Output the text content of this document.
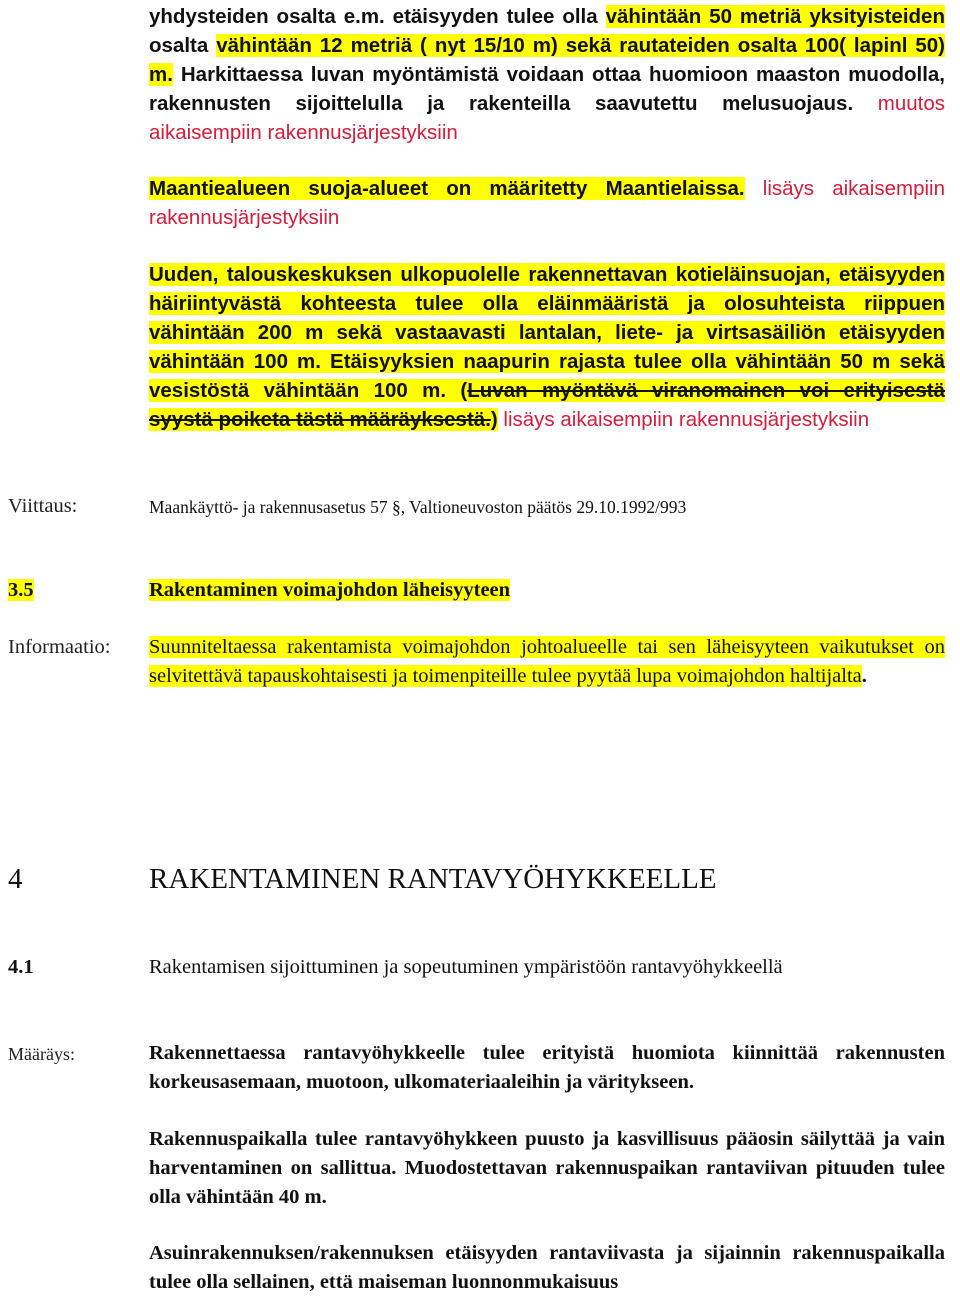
yhdysteiden osalta e.m. etäisyyden tulee olla vähintään 50 metriä yksityisteiden osalta vähintään 12 metriä ( nyt 15/10 m) sekä rautateiden osalta 100( lapinl 50) m. Harkittaessa luvan myöntämistä voidaan ottaa huomioon maaston muodolla, rakennusten sijoittelulla ja rakenteilla saavutettu melusuojaus. muutos aikaisempiin rakennusjärjestyksiin
Maantiealueen suoja-alueet on määritetty Maantielaissa. lisäys aikaisempiin rakennusjärjestyksiin
Uuden, talouskeskuksen ulkopuolelle rakennettavan kotieläinsuojan, etäisyyden häiriintyvästä kohteesta tulee olla eläinmääristä ja olosuhteista riippuen vähintään 200 m sekä vastaavasti lantalan, liete- ja virtsasäiliön etäisyyden vähintään 100 m. Etäisyyksien naapurin rajasta tulee olla vähintään 50 m sekä vesistöstä vähintään 100 m. (Luvan myöntävä viranomainen voi erityisestä syystä poiketa tästä määräyksestä.) lisäys aikaisempiin rakennusjärjestyksiin
Viittaus:	Maankäyttö- ja rakennusasetus 57 §, Valtioneuvoston päätös 29.10.1992/993
3.5	Rakentaminen voimajohdon läheisyyteen
Informaatio: Suunniteltaessa rakentamista voimajohdon johtoalueelle tai sen läheisyyteen vaikutukset on selvitettävä tapauskohtaisesti ja toimenpiteille tulee pyytää lupa voimajohdon haltijalta.
4	RAKENTAMINEN RANTAVYÖHYKKEELLE
4.1	Rakentamisen sijoittuminen ja sopeutuminen ympäristöön rantavyöhykkeellä
Määräys:	Rakennettaessa rantavyöhykkeelle tulee erityistä huomiota kiinnittää rakennusten korkeusasemaan, muotoon, ulkomateriaaleihin ja väritykseen.
Rakennuspaikalla tulee rantavyöhykkeen puusto ja kasvillisuus pääosin säilyttää ja vain harventaminen on sallittua. Muodostettavan rakennuspaikan rantaviivan pituuden tulee olla vähintään 40 m.
Asuinrakennuksen/rakennuksen etäisyyden rantaviivasta ja sijainnin rakennuspaikalla tulee olla sellainen, että maiseman luonnonmukaisuus
